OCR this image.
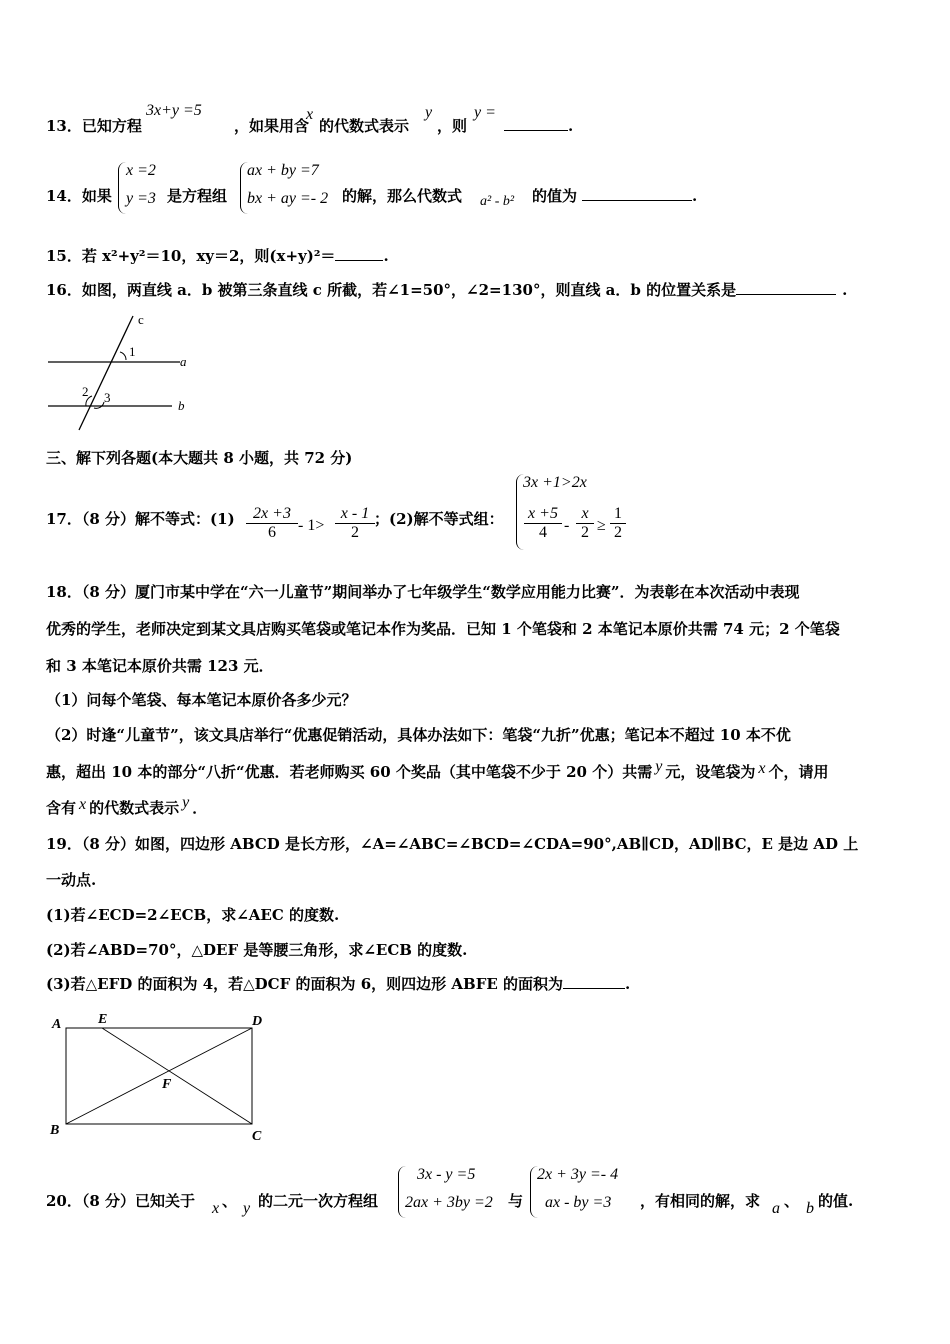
13．已知方程
3x+y =5
，如果用含
x
的代数式表示
y
，则
y =
.
14．如果
x =2
y =3 是方程组
ax + by =7
bx + ay =- 2 的解，那么代数式 a² - b² 的值为	.
15．若 x²+y²＝10，xy＝2，则(x+y)²＝	.
16．如图，两直线 a．b 被第三条直线 c 所截，若∠1=50°，∠2=130°，则直线 a．b 的位置关系是	.
c
1
a
2 3
b
三、解下列各题(本大题共 8 小题，共 72 分)
17．（8 分）解不等式：$(1) \frac{2x +3}{6} - 1> \frac{x - 1}{2}$ ；(2)解不等式组：
3x +1>2x
$\frac{x +5}{4} - \frac{x}{2} \ge \frac{1}{2}$
18．（8 分）厦门市某中学在“六一儿童节”期间举办了七年级学生“数学应用能力比赛”．为表彰在本次活动中表现
优秀的学生，老师决定到某文具店购买笔袋或笔记本作为奖品．已知 1 个笔袋和 2 本笔记本原价共需 74 元；2 个笔袋
和 3 本笔记本原价共需 123 元．
（1）问每个笔袋、每本笔记本原价各多少元？
（2）时逢“儿童节”，该文具店举行“优惠促销活动，具体办法如下：笔袋“九折”优惠；笔记本不超过 10 本不优
惠，超出 10 本的部分“八折“优惠．若老师购买 60 个奖品（其中笔袋不少于 20 个）共需 y 元，设笔袋为 x 个，请用
含有 x 的代数式表示 y ．
19．（8 分）如图，四边形 ABCD 是长方形，∠A=∠ABC=∠BCD=∠CDA=90°,AB∥CD，AD∥BC，E 是边 AD 上
一动点.
(1)若∠ECD=2∠ECB，求∠AEC 的度数.
(2)若∠ABD=70°，△DEF 是等腰三角形，求∠ECB 的度数.
(3)若△EFD 的面积为 4，若△DCF 的面积为 6，则四边形 ABFE 的面积为	.
A	E	D
F
B	C
20．（8 分）已知关于 x 、 y 的二元一次方程组
3x - y =5
2ax + 3by =2 与
2x + 3y =- 4
ax - by =3 ，有相同的解，求 a 、 b 的值.
